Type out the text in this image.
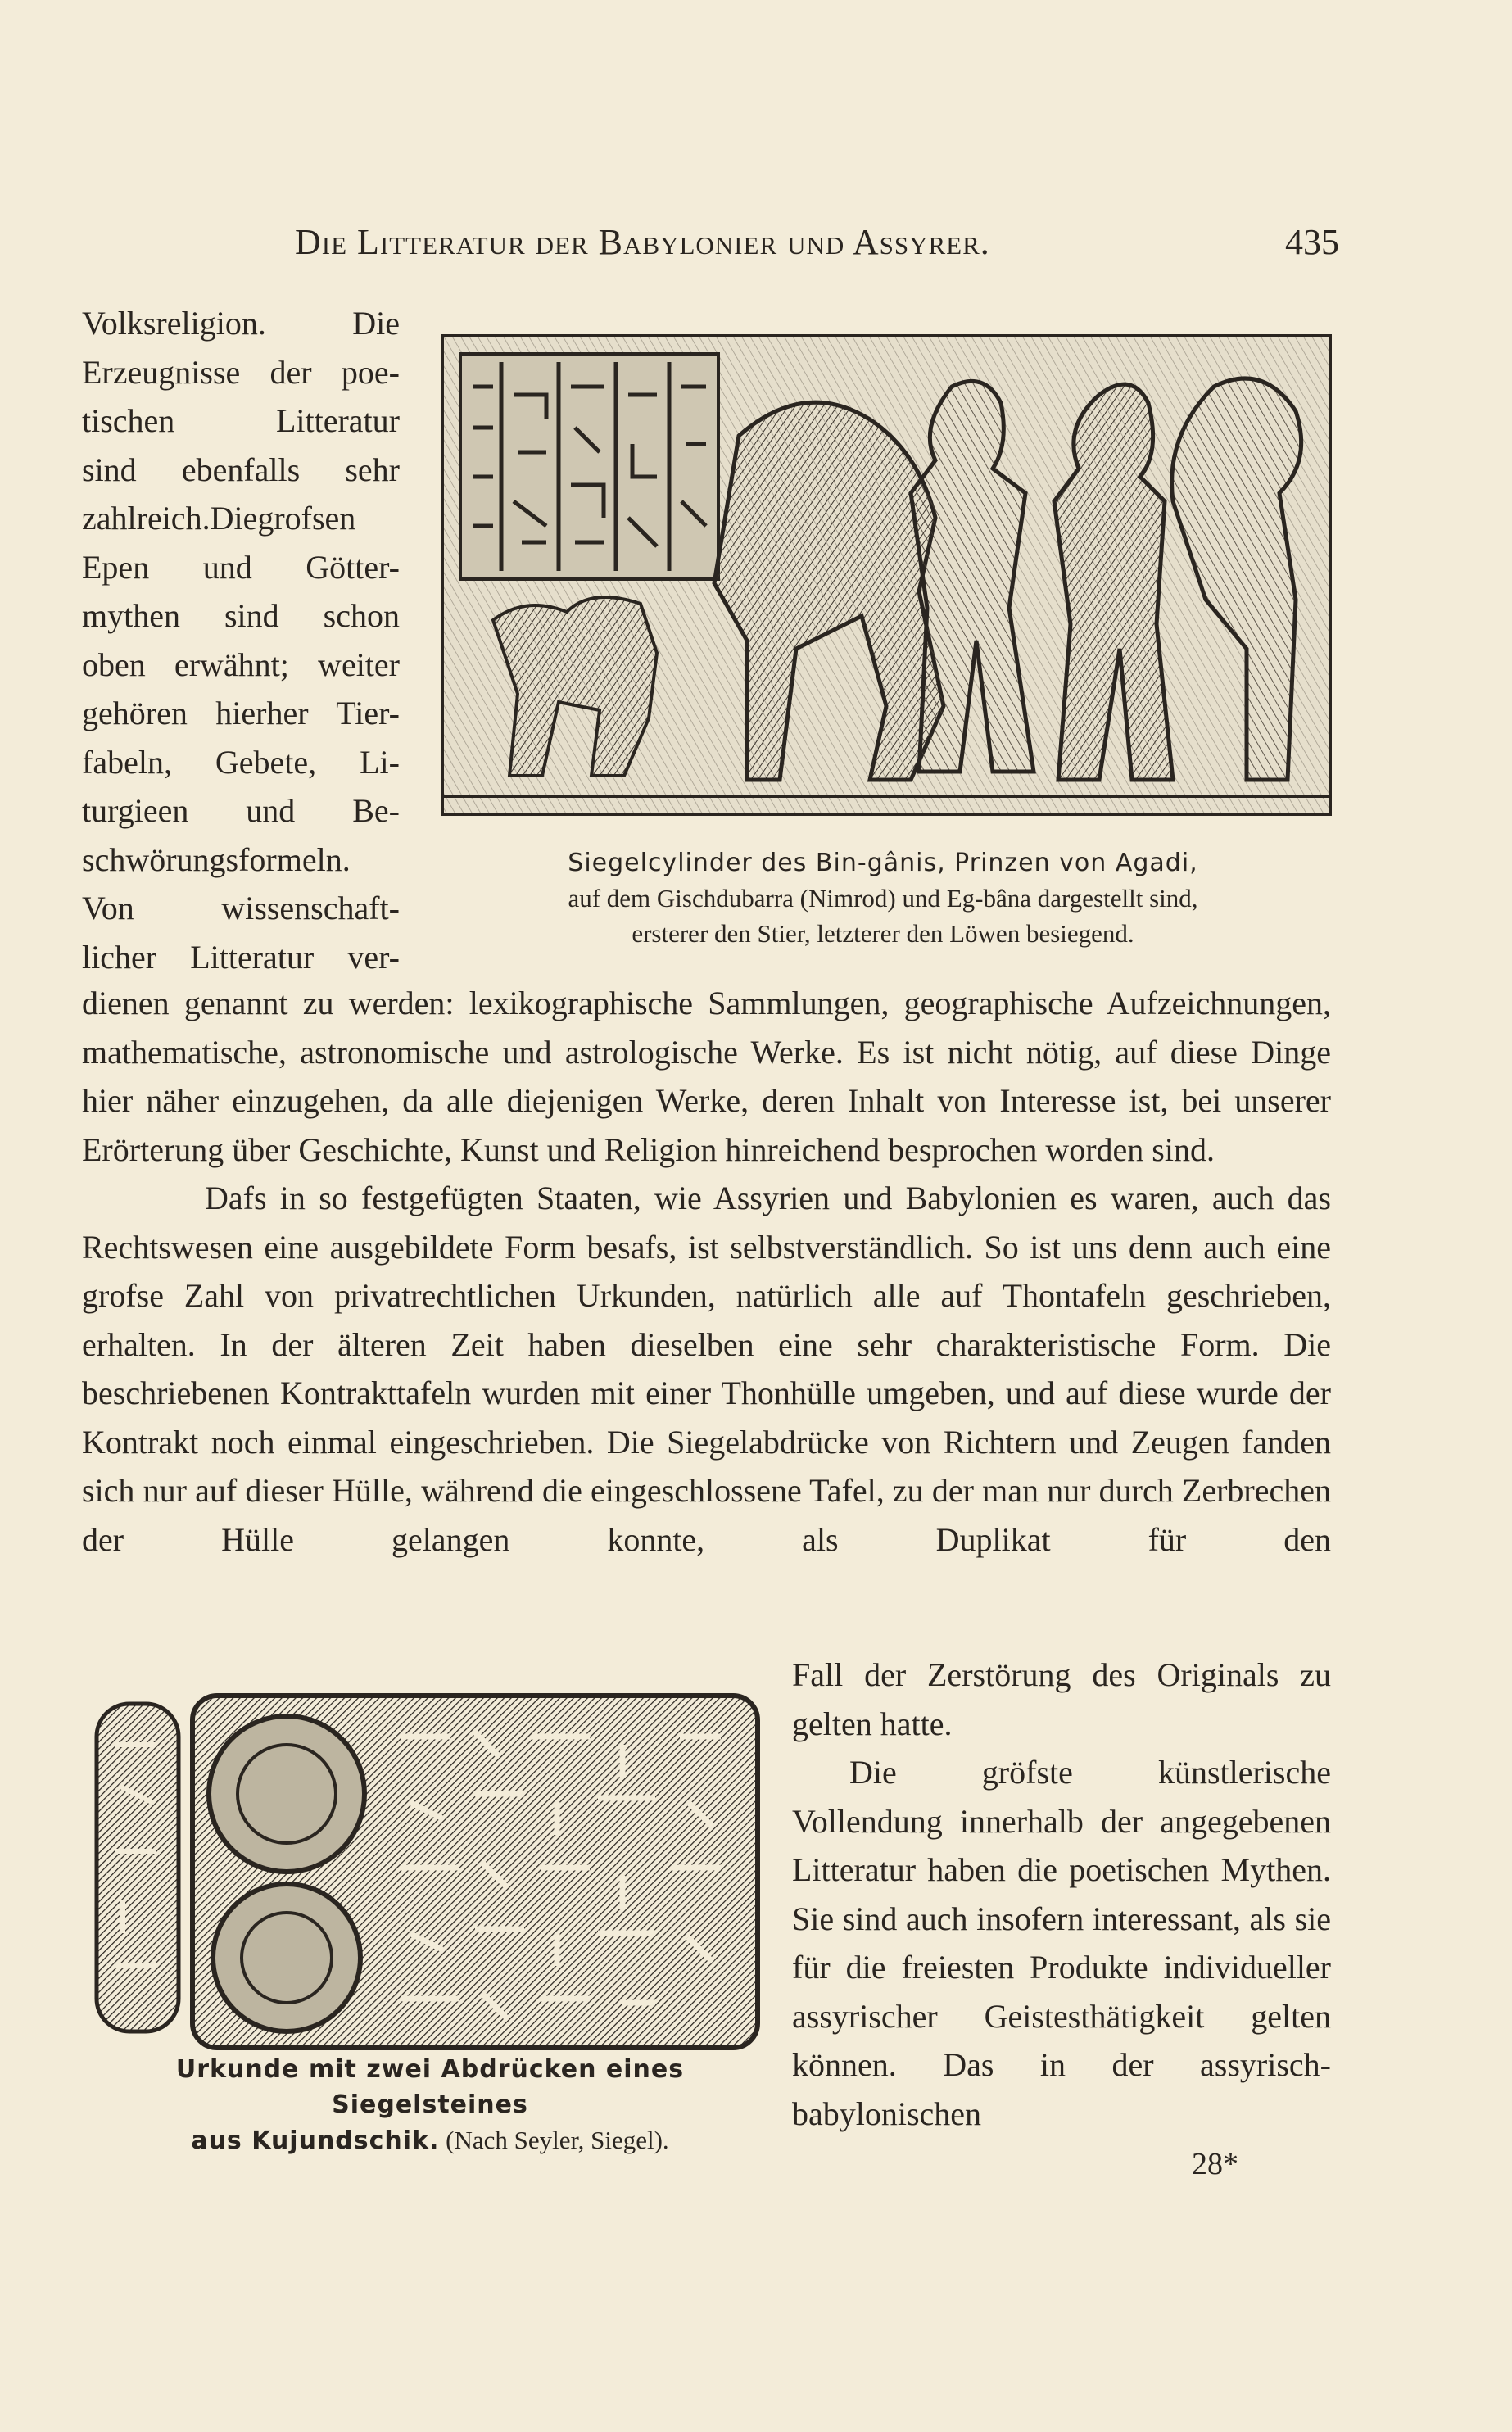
Die Litteratur der Babylonier und Assyrer.	435
Volksreligion. Die
Erzeugnisse der poe-
tischen Litteratur
sind ebenfalls sehr
zahlreich.Diegrofsen
Epen und Götter-
mythen sind schon
oben erwähnt; weiter
gehören hierher Tier-
fabeln, Gebete, Li-
turgieen und Be-
schwörungsformeln.
Von wissenschaft-
licher Litteratur ver-
Siegelcylinder des Bin-gânis, Prinzen von Agadi,
auf dem Gischdubarra (Nimrod) und Eg-bâna dargestellt sind,
ersterer den Stier, letzterer den Löwen besiegend.

dienen genannt zu werden: lexikographische Sammlungen, geographische Aufzeichnungen, mathematische, astronomische und astrologische Werke. Es ist nicht nötig, auf diese Dinge hier näher einzugehen, da alle diejenigen Werke, deren Inhalt von Interesse ist, bei unserer Erörterung über Geschichte, Kunst und Religion hinreichend besprochen worden sind.

Dafs in so festgefügten Staaten, wie Assyrien und Babylonien es waren, auch das Rechtswesen eine ausgebildete Form besafs, ist selbstverständlich. So ist uns denn auch eine grofse Zahl von privatrechtlichen Urkunden, natürlich alle auf Thontafeln geschrieben, erhalten. In der älteren Zeit haben dieselben eine sehr charakteristische Form. Die beschriebenen Kontrakttafeln wurden mit einer Thonhülle umgeben, und auf diese wurde der Kontrakt noch einmal eingeschrieben. Die Siegelabdrücke von Richtern und Zeugen fanden sich nur auf dieser Hülle, während die eingeschlossene Tafel, zu der man nur durch Zerbrechen der Hülle gelangen konnte, als Duplikat für den

Urkunde mit zwei Abdrücken eines Siegelsteines
aus Kujundschik. (Nach Seyler, Siegel).

Fall der Zerstörung des Originals zu gelten hatte.

Die gröfste künstlerische Vollendung innerhalb der angegebenen Litteratur haben die poetischen Mythen. Sie sind auch insofern interessant, als sie für die freiesten Produkte individueller assyrischer Geistesthätigkeit gelten können. Das in der assyrisch-babylonischen

28*
